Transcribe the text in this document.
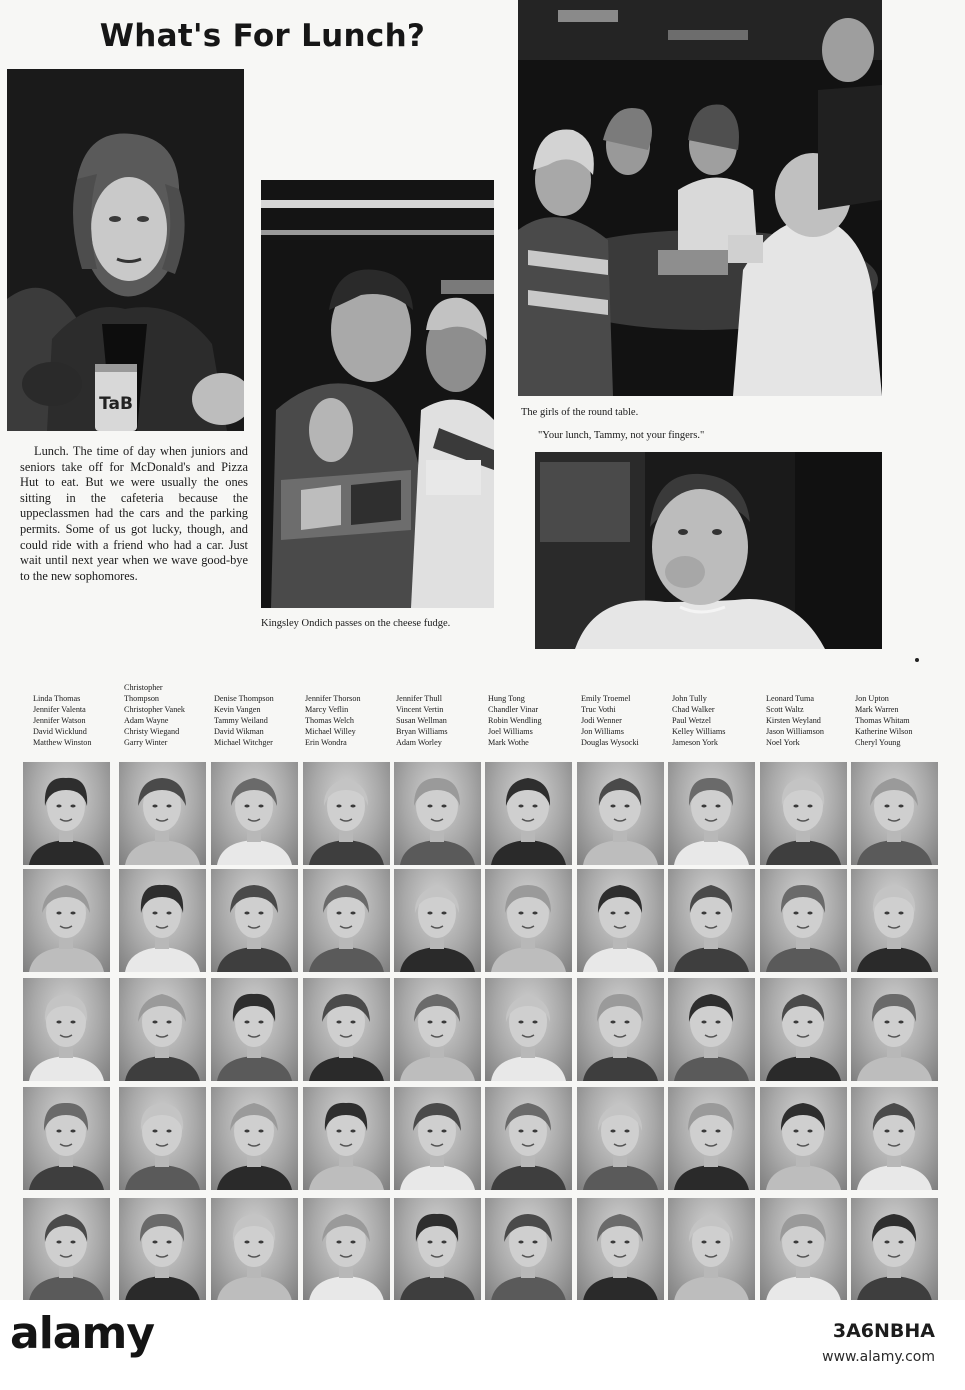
What's For Lunch?
TaB

Kingsley Ondich passes on the cheese fudge.

The girls of the round table.

"Your lunch, Tammy, not your fingers."

Lunch. The time of day when juniors and seniors take off for McDonald's and Pizza Hut to eat. But we were usually the ones sitting in the cafeteria because the uppeclassmen had the cars and the parking permits. Some of us got lucky, though, and could ride with a friend who had a car. Just wait until next year when we wave good-bye to the new sophomores.

Linda Thomas
Jennifer Valenta
Jennifer Watson
David Wicklund
Matthew Winston
Christopher
Thompson
Christopher Vanek
Adam Wayne
Christy Wiegand
Garry Winter
Denise Thompson
Kevin Vangen
Tammy Weiland
David Wikman
Michael Witchger
Jennifer Thorson
Marcy Veflin
Thomas Welch
Michael Willey
Erin Wondra
Jennifer Thull
Vincent Vertin
Susan Wellman
Bryan Williams
Adam Worley
Hung Tong
Chandler Vinar
Robin Wendling
Joel Williams
Mark Wothe
Emily Troemel
Truc Vothi
Jodi Wenner
Jon Williams
Douglas Wysocki
John Tully
Chad Walker
Paul Wetzel
Kelley Williams
Jameson York
Leonard Tuma
Scott Waltz
Kirsten Weyland
Jason Williamson
Noel York
Jon Upton
Mark Warren
Thomas Whitam
Katherine Wilson
Cheryl Young

alamy	3A6NBHA

www.alamy.com
